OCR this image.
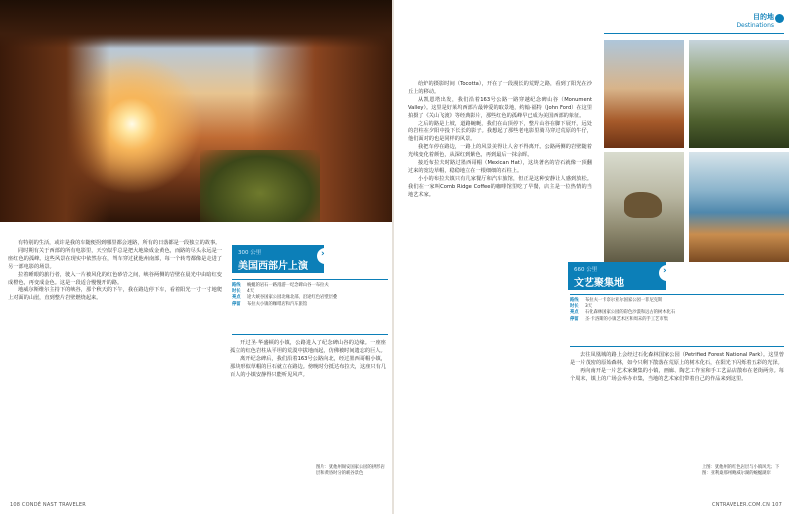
有特别的生活，或许是我的车随便拐到哪里都会迷路，所有的日落都是一段独立的故事。

同时期有关于西部的所有电影里，天空似乎总是把大地染成金黄色，而路的尽头永远是一座红色的孤峰。这些风景在现实中依然存在，驾车穿过犹他州南部，每一个转弯都像是走进了另一部电影的场景。

拉着睡眼的旅行者，驶入一片被风化的红色砂岩之间，峡谷两侧的岩壁在晨光中由暗红变成橙色，再变成金色。这是一段适合慢慢开的路。

地威尔斯维尔主持下的峡谷，那个秋天的下午，我在路边停下车，看着阳光一寸一寸地爬上对面的山崖，直到整片岩壁燃烧起来。

300 公里
美国西部片上演
›
路线	蜿蜒的岩石一路漫游一纪念碑山谷一布拉夫
时长	4天
亮点	途大峡谷国家公园北缘北部，沿途红色岩壁层叠
停留	布拉夫小镇的咖啡店和汽车旅馆

开过圣·华盛顿的小镇，公路进入了纪念碑山谷的边缘。一座座孤立的红色岩柱从平坦的荒漠中拔地而起，仿佛被时间遗忘的巨人。

离开纪念碑后，我们沿着163号公路向北，经过墨西哥帽小镇，那块形似草帽的巨石就立在路边。傍晚时分抵达布拉夫，这座只有几百人的小镇安静得只能听见风声。

图片：犹他州锡安国家公园的拱形岩层和黄昏时分的峡谷景色
108 CONDÉ NAST TRAVELER
目的地
Destinations

给炉的摄影时间（Tocotta），开在了一段漫长的荒野之路，看到了阳光在沙丘上的移动。

从凯恩塔出发，我们沿着163号公路一路穿越纪念碑山谷（Monument Valley）。这里是好莱坞西部片最钟爱的取景地，约翰·福特（John Ford）在这里拍摄了《关山飞渡》等经典影片，那些红色的孤峰早已成为美国西部的象征。

之后的路是上坡，道路蜿蜒，我们在山顶停下，整片山谷在脚下展开，远处的岩柱在夕阳中投下长长的影子。我想起了那些老电影里骑马穿过荒原的牛仔，他们面对的也是同样的风景。

我把车停在路边，一路上的风景美得让人舍不得离开。公路两侧的岩壁随着光线变化着颜色，从深红到紫色，再到最后一抹余晖。

接近布拉夫时路过墨西哥帽（Mexican Hat），这块著名的岩石就像一顶翻过来的宽边草帽，稳稳地立在一根细细的石柱上。

小小的布拉夫镇只有几家餐厅和汽车旅馆，但正是这种安静让人感到放松。我们在一家叫Comb Ridge Coffee的咖啡馆里吃了早餐，店主是一位热情的当地艺术家。

660 公里
文艺聚集地
›
路线	布拉夫一卡奈尔亚尔国家公园一菲尼克斯
时长	3天
亮点	石化森林国家公园的彩色沙漠和远古的树木化石
停留	圣·卡洛斯的小镇艺术区和周末的手工艺市集

去往凤凰城的路上会经过石化森林国家公园（Petrified Forest National Park）。这里曾是一片茂密的原始森林，如今只剩下散落在荒原上的树木化石，在阳光下闪烁着五彩的光泽。

再向南开是一片艺术家聚集的小镇，画廊、陶艺工作室和手工艺品店散布在老街两旁。每个周末，镇上的广场会举办市集，当地的艺术家们带着自己的作品来到这里。

上图：犹他州的红色岩层与小镇风光；下图：亚利桑那州鲍威尔湖的蜿蜒湖岸
CNTRAVELER.COM.CN 107
